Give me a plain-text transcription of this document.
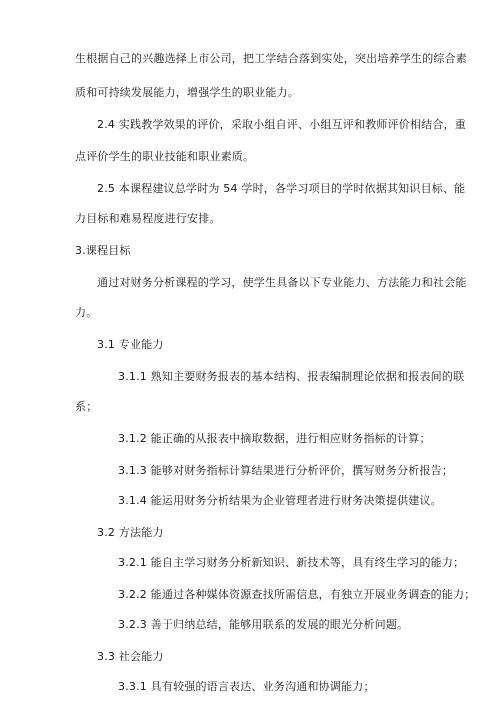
生根据自己的兴趣选择上市公司，把工学结合落到实处，突出培养学生的综合素
质和可持续发展能力，增强学生的职业能力。
2.4 实践教学效果的评价，采取小组自评、小组互评和教师评价相结合，重
点评价学生的职业技能和职业素质。
2.5 本课程建议总学时为 54 学时，各学习项目的学时依据其知识目标、能
力目标和难易程度进行安排。
3.课程目标
通过对财务分析课程的学习，使学生具备以下专业能力、方法能力和社会能
力。
3.1 专业能力
3.1.1 熟知主要财务报表的基本结构、报表编制理论依据和报表间的联
系；
3.1.2 能正确的从报表中摘取数据，进行相应财务指标的计算；
3.1.3 能够对财务指标计算结果进行分析评价，撰写财务分析报告；
3.1.4 能运用财务分析结果为企业管理者进行财务决策提供建议。
3.2 方法能力
3.2.1 能自主学习财务分析新知识、新技术等，具有终生学习的能力；
3.2.2 能通过各种媒体资源查找所需信息，有独立开展业务调查的能力；
3.2.3 善于归纳总结，能够用联系的发展的眼光分析问题。
3.3 社会能力
3.3.1 具有较强的语言表达、业务沟通和协调能力；
